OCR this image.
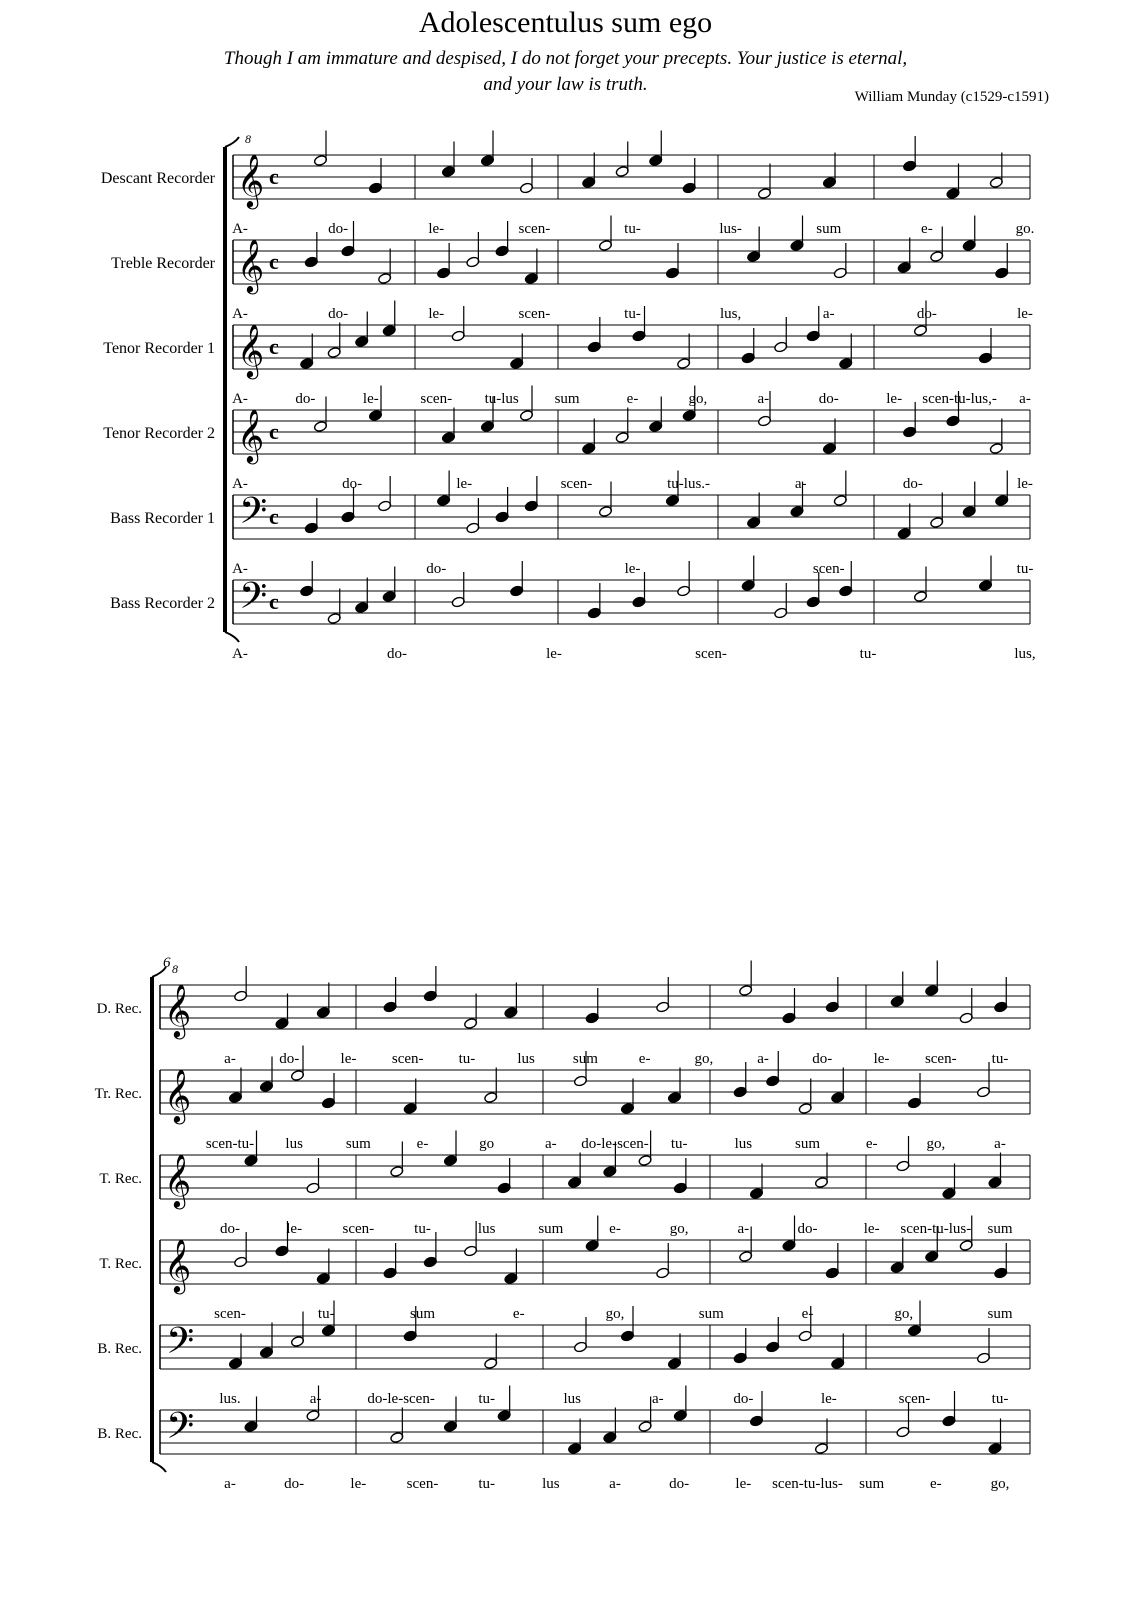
Adolescentulus sum ego
Though I am immature and despised, I do not forget your precepts. Your justice is eternal,
and your law is truth.
William Munday (c1529-c1591)
Descant Recorder 𝄞
8
c
A-	do-	le-	scen-	tu-	lus-	sum	e-	go.
Treble Recorder 𝄞 c
A-	do-	le-	scen-	tu-	lus,	a-	do-	le-
Tenor Recorder 1 𝄞 c
A-	do-	le-	scen- tu-lus sum	e-	go,	a-	do-	le- scen-tu-lus,- a-
Tenor Recorder 2 𝄞 c
A-	do-	le-	scen-	tu-lus.-	a-	do-	le-
Bass Recorder 1 𝄢 c
A-	do-	le-	scen-	tu-
Bass Recorder 2 𝄢 c
A-	do-	le-	scen-	tu-	lus,
6
D. Rec. 𝄞
8
a-	do-	le- scen- tu-	lus	sum	e-	go,	a-	do-	le- scen- tu-
Tr. Rec. 𝄞
scen-tu- lus	sum	e-	go	a- do-le-scen- tu-	lus	sum	e-	go,	a-
T. Rec. 𝄞
do-	le-	scen-	tu-	lus	sum	e-	go,	a-	do-	le- scen-tu-lus- sum
T. Rec. 𝄞
scen-	tu-	sum	e-	go,	sum	e-	go,	sum
B. Rec. 𝄢
lus.	a-	do-le-scen-	tu-	lus	a-	do-	le-	scen-	tu-
B. Rec. 𝄢
a-	do-	le-	scen-	tu-	lus	a-	do-	le- scen-tu-lus- sum	e-	go,
